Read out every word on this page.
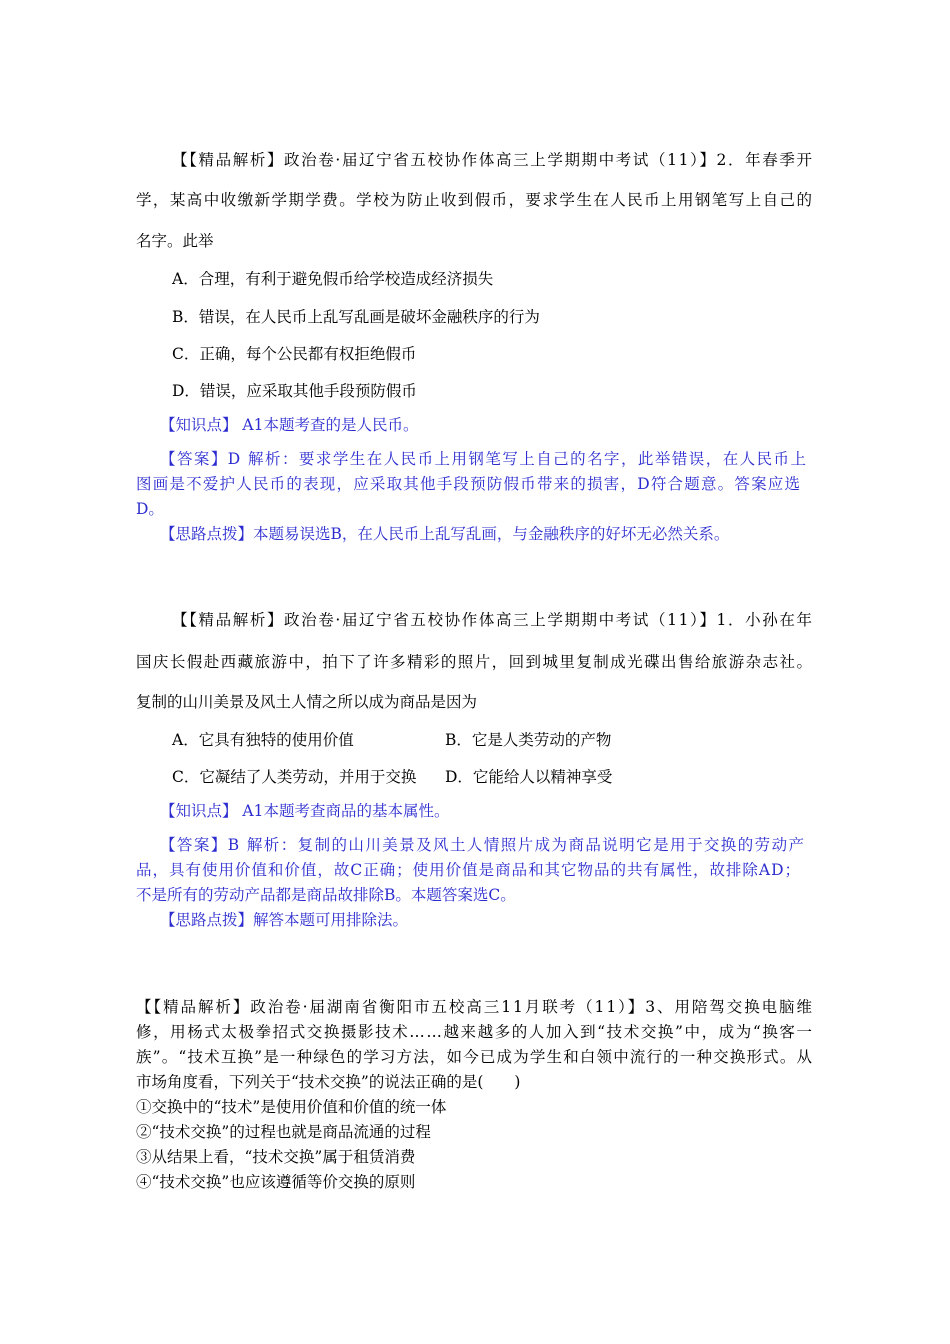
【【精品解析】政治卷·届辽宁省五校协作体高三上学期期中考试（11）】2．年春季开
学，某高中收缴新学期学费。学校为防止收到假币，要求学生在人民币上用钢笔写上自己的
名字。此举
A．合理，有利于避免假币给学校造成经济损失
B．错误，在人民币上乱写乱画是破坏金融秩序的行为
C．正确，每个公民都有权拒绝假币
D．错误，应采取其他手段预防假币
【知识点】 A1本题考查的是人民币。
【答案】D 解析：要求学生在人民币上用钢笔写上自己的名字，此举错误，在人民币上
图画是不爱护人民币的表现，应采取其他手段预防假币带来的损害，D符合题意。答案应选
D。
【思路点拨】本题易误选B，在人民币上乱写乱画，与金融秩序的好坏无必然关系。
【【精品解析】政治卷·届辽宁省五校协作体高三上学期期中考试（11）】1．小孙在年
国庆长假赴西藏旅游中，拍下了许多精彩的照片，回到城里复制成光碟出售给旅游杂志社。
复制的山川美景及风土人情之所以成为商品是因为
A．它具有独特的使用价值	B．它是人类劳动的产物
C．它凝结了人类劳动，并用于交换 D．它能给人以精神享受
【知识点】 A1本题考查商品的基本属性。
【答案】B 解析：复制的山川美景及风土人情照片成为商品说明它是用于交换的劳动产
品，具有使用价值和价值，故C正确；使用价值是商品和其它物品的共有属性，故排除AD；
不是所有的劳动产品都是商品故排除B。本题答案选C。
【思路点拨】解答本题可用排除法。
【【精品解析】政治卷·届湖南省衡阳市五校高三11月联考（11）】3、用陪驾交换电脑维
修，用杨式太极拳招式交换摄影技术……越来越多的人加入到“技术交换”中，成为“换客一
族”。“技术互换”是一种绿色的学习方法，如今已成为学生和白领中流行的一种交换形式。从
市场角度看，下列关于“技术交换”的说法正确的是(　　)
①交换中的“技术”是使用价值和价值的统一体
②“技术交换”的过程也就是商品流通的过程
③从结果上看，“技术交换”属于租赁消费
④“技术交换”也应该遵循等价交换的原则
